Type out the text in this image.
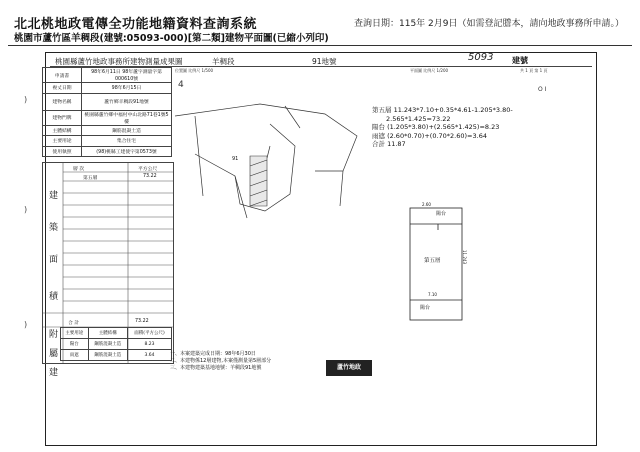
北北桃地政電傳全功能地籍資料查詢系統	查詢日期：115年 2月9日（如需登記謄本，請向地政事務所申請。）
桃園市蘆竹區羊稠段(建號:05093-000)[第二類]建物平面圖(已縮小列印)
桃園縣蘆竹地政事務所建物測量成果圖	羊稠段	91地號	5093 建號
)
)
)
位置圖 比例尺 1/500	平面圖 比例尺 1/200	共 1 頁 第 1 頁
O I
4
申請書	98年6月11日 98年蘆字測量字第000610號
複丈日期	98年6月15日
建物名稱	蘆竹鄉羊稠段91地號
建物門牌	桃園縣蘆竹鄉中福村中山北路71巷1號5樓
主體結構	鋼筋混凝土造
主要用途	集合住宅
使用執照	(98)桃縣工建使字第0573號
層 次	平方公尺
第五層	73.22
建
築
面
積
合 計	73.22
附
屬
建
主要用途	主體結構	面積(平方公尺)
陽台	鋼筋混凝土造	8.23
雨遮	鋼筋混凝土造	3.64
91
第五層 11.243*7.10+0.35*4.61-1.205*3.80-
2.565*1.425=73.22
陽台 (1.205*3.80)+(2.565*1.425)=8.23
雨遮 (2.60*0.70)+(0.70*2.60)=3.64
合計 11.87
陽台
第五層
陽台
2.60
7.10
11.243
一、本案建築完成日期：98年6月30日
二、本建物係12層建物,本案僅測量第5層部分
三、本建物建築基地地號：羊稠段91地號	蘆竹地政
